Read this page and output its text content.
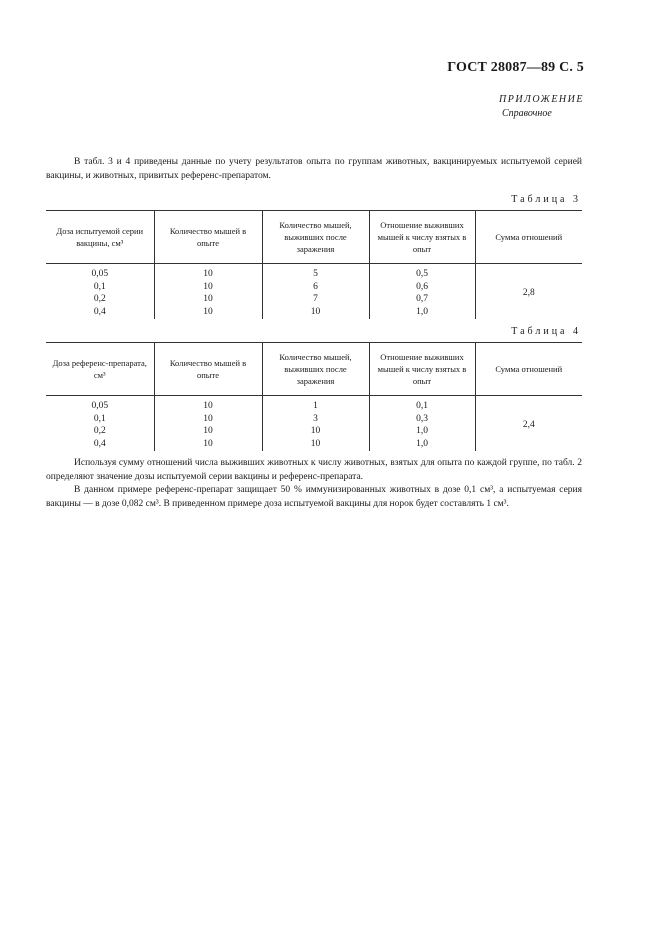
ГОСТ 28087—89 С. 5
ПРИЛОЖЕНИЕ
Справочное
В табл. 3 и 4 приведены данные по учету результатов опыта по группам животных, вакцинируемых испытуемой серией вакцины, и животных, привитых референс-препаратом.
Таблица 3
Доза испытуемой серии вакцины, см³	Количество мышей в опыте	Количество мышей, выживших после заражения	Отношение выживших мышей к числу взятых в опыт	Сумма отношений
0,05	10	5	0,5	2,8
0,1	10	6	0,6	
0,2	10	7	0,7	
0,4	10	10	1,0	
Таблица 4
Доза референс-препарата, см³	Количество мышей в опыте	Количество мышей, выживших после заражения	Отношение выживших мышей к числу взятых в опыт	Сумма отношений
0,05	10	1	0,1	2,4
0,1	10	3	0,3	
0,2	10	10	1,0	
0,4	10	10	1,0	
Используя сумму отношений числа выживших животных к числу животных, взятых для опыта по каждой группе, по табл. 2 определяют значение дозы испытуемой серии вакцины и референс-препарата.
В данном примере референс-препарат защищает 50 % иммунизированных животных в дозе 0,1 см³, а испытуемая серия вакцины — в дозе 0,082 см³. В приведенном примере доза испытуемой вакцины для норок будет составлять 1 см³.
